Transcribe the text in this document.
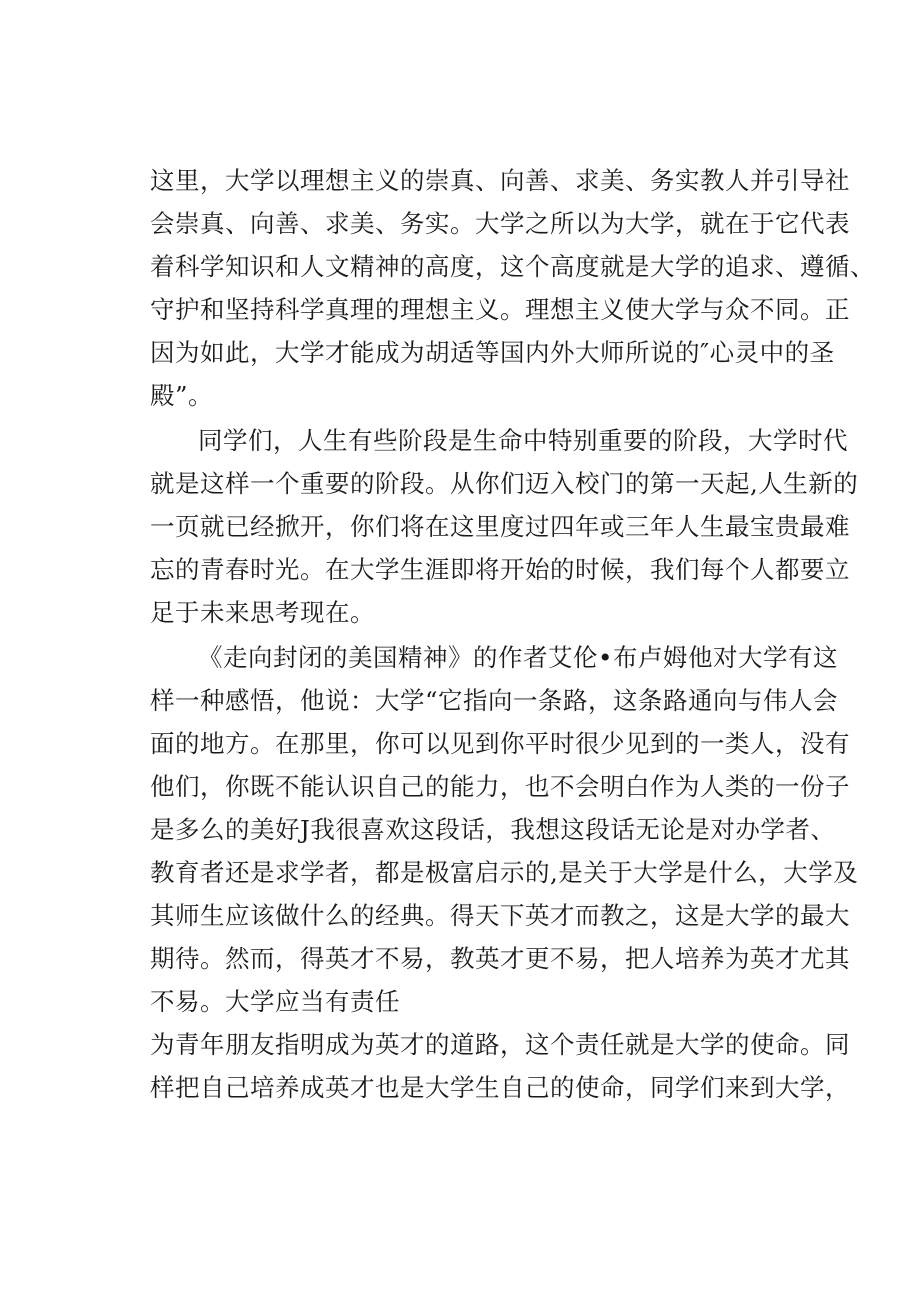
这里，大学以理想主义的崇真、向善、求美、务实教人并引导社

会崇真、向善、求美、务实。大学之所以为大学，就在于它代表

着科学知识和人文精神的高度，这个高度就是大学的追求、遵循、

守护和坚持科学真理的理想主义。理想主义使大学与众不同。正

因为如此，大学才能成为胡适等国内外大师所说的″心灵中的圣

殿”。

同学们，人生有些阶段是生命中特别重要的阶段，大学时代

就是这样一个重要的阶段。从你们迈入校门的第一天起,人生新的

一页就已经掀开，你们将在这里度过四年或三年人生最宝贵最难

忘的青春时光。在大学生涯即将开始的时候，我们每个人都要立

足于未来思考现在。

《走向封闭的美国精神》的作者艾伦•布卢姆他对大学有这

样一种感悟，他说：大学“它指向一条路，这条路通向与伟人会

面的地方。在那里，你可以见到你平时很少见到的一类人，没有

他们，你既不能认识自己的能力，也不会明白作为人类的一份子

是多么的美好J我很喜欢这段话，我想这段话无论是对办学者、

教育者还是求学者，都是极富启示的,是关于大学是什么，大学及

其师生应该做什么的经典。得天下英才而教之，这是大学的最大

期待。然而，得英才不易，教英才更不易，把人培养为英才尤其

不易。大学应当有责任

为青年朋友指明成为英才的道路，这个责任就是大学的使命。同

样把自己培养成英才也是大学生自己的使命，同学们来到大学，
